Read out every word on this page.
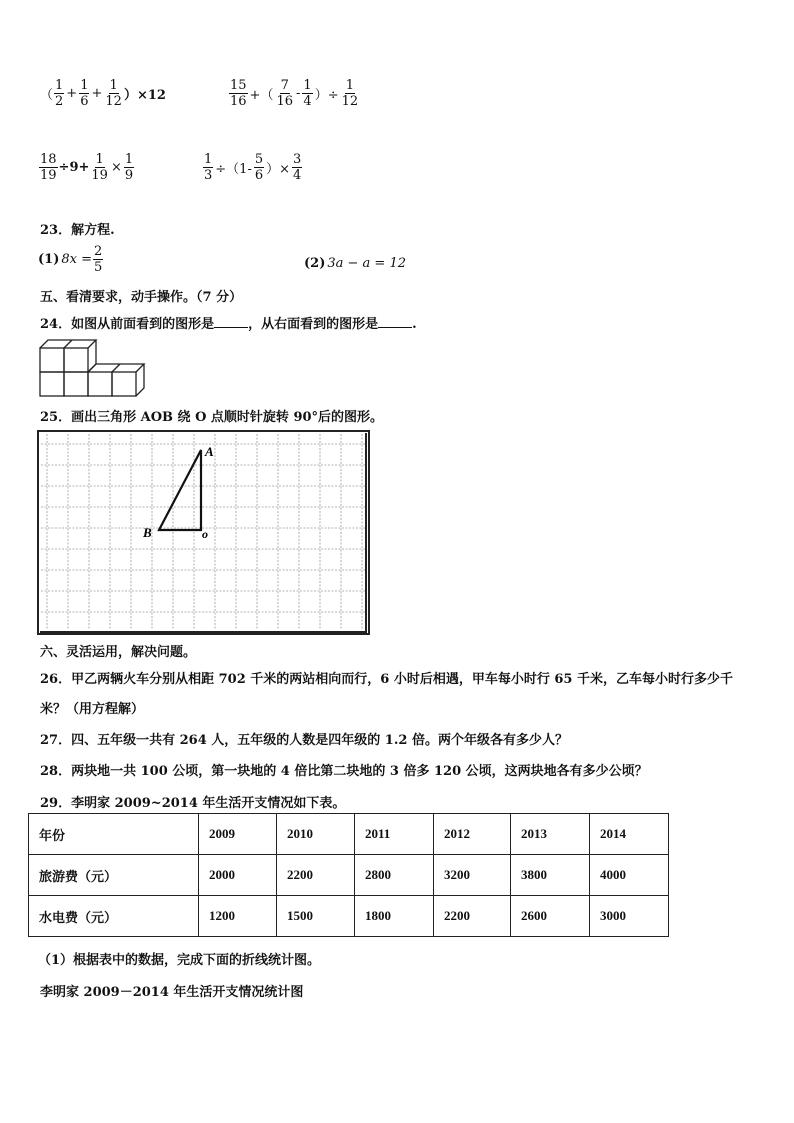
（ $\frac{1}{2} + \frac{1}{6} + \frac{1}{12} )\times 12$	$\frac{15}{16}$ +（ $\frac{7}{16} - \frac{1}{4}$ ）÷ $\frac{1}{12}$
$\frac{18}{19} \div 9+ \frac{1}{19} \times \frac{1}{9}$	$\frac{1}{3} \div(1- \frac{5}{6}$ ）× $\frac{3}{4}$
23．解方程.
(1) $8x = \frac{2}{5}$	(2) 3a − a = 12
五、看清要求，动手操作。（7 分）
24．如图从前面看到的图形是	，从右面看到的图形是	.
25．画出三角形 AOB 绕 O 点顺时针旋转 90°后的图形。
A
B	o
六、灵活运用，解决问题。
26．甲乙两辆火车分别从相距 702 千米的两站相向而行，6 小时后相遇，甲车每小时行 65 千米，乙车每小时行多少千
米？（用方程解）
27．四、五年级一共有 264 人，五年级的人数是四年级的 1.2 倍。两个年级各有多少人？
28．两块地一共 100 公顷，第一块地的 4 倍比第二块地的 3 倍多 120 公顷，这两块地各有多少公顷？
29．李明家 2009~2014 年生活开支情况如下表。
年份	2009	2010	2011	2012	2013	2014
旅游费（元）	2000	2200	2800	3200	3800	4000
水电费（元）	1200	1500	1800	2200	2600	3000
（1）根据表中的数据，完成下面的折线统计图。
李明家 2009－2014 年生活开支情况统计图
